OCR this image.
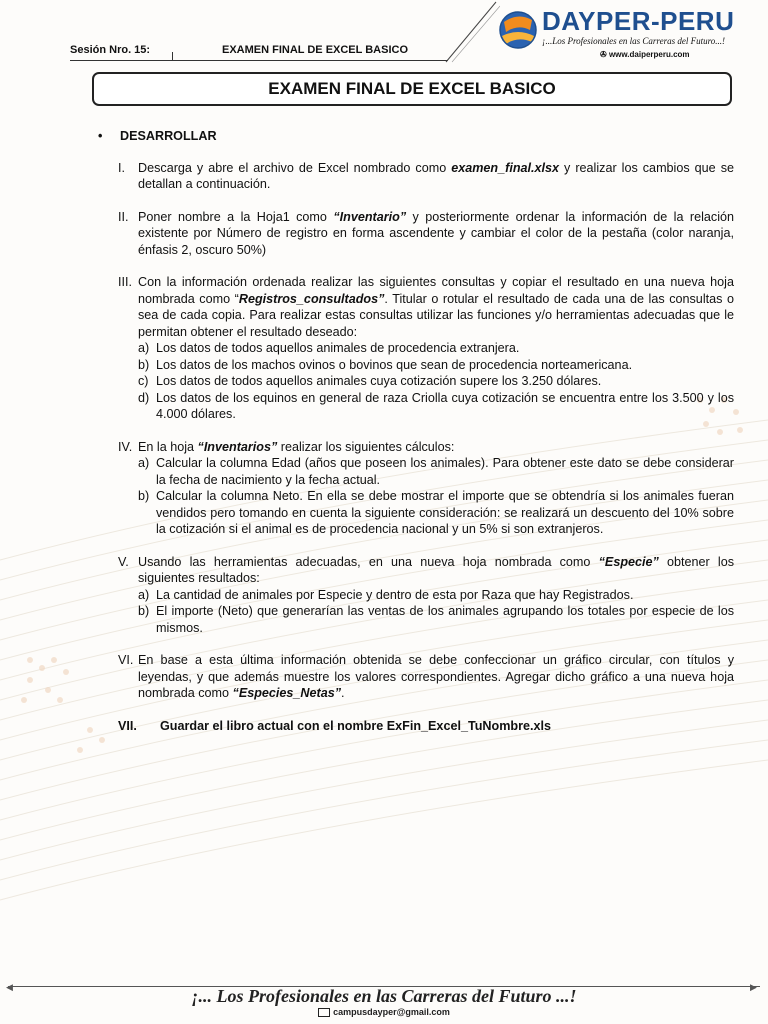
Sesión Nro. 15:	EXAMEN FINAL DE EXCEL BASICO
DAYPER-PERU
¡...Los Profesionales en las Carreras del Futuro...!
✇ www.daiperperu.com
EXAMEN FINAL DE EXCEL BASICO
• DESARROLLAR
I. Descarga y abre el archivo de Excel nombrado como examen_final.xlsx y realizar los cambios que se detallan a continuación.
II. Poner nombre a la Hoja1 como “Inventario” y posteriormente ordenar la información de la relación existente por Número de registro en forma ascendente y cambiar el color de la pestaña (color naranja, énfasis 2, oscuro 50%)
III. Con la información ordenada realizar las siguientes consultas y copiar el resultado en una nueva hoja nombrada como “Registros_consultados”. Titular o rotular el resultado de cada una de las consultas o sea de cada copia. Para realizar estas consultas utilizar las funciones y/o herramientas adecuadas que le permitan obtener el resultado deseado:
a) Los datos de todos aquellos animales de procedencia extranjera.
b) Los datos de los machos ovinos o bovinos que sean de procedencia norteamericana.
c) Los datos de todos aquellos animales cuya cotización supere los 3.250 dólares.
d) Los datos de los equinos en general de raza Criolla cuya cotización se encuentra entre los 3.500 y los 4.000 dólares.
IV. En la hoja “Inventarios” realizar los siguientes cálculos:
a) Calcular la columna Edad (años que poseen los animales). Para obtener este dato se debe considerar la fecha de nacimiento y la fecha actual.
b) Calcular la columna Neto. En ella se debe mostrar el importe que se obtendría si los animales fueran vendidos pero tomando en cuenta la siguiente consideración: se realizará un descuento del 10% sobre la cotización si el animal es de procedencia nacional y un 5% si son extranjeros.
V. Usando las herramientas adecuadas, en una nueva hoja nombrada como “Especie” obtener los siguientes resultados:
a) La cantidad de animales por Especie y dentro de esta por Raza que hay Registrados.
b) El importe (Neto) que generarían las ventas de los animales agrupando los totales por especie de los mismos.
VI. En base a esta última información obtenida se debe confeccionar un gráfico circular, con títulos y leyendas, y que además muestre los valores correspondientes. Agregar dicho gráfico a una nueva hoja nombrada como “Especies_Netas”.
VII. Guardar el libro actual con el nombre ExFin_Excel_TuNombre.xls
◀	▶
¡... Los Profesionales en las Carreras del Futuro ...!
campusdayper@gmail.com
